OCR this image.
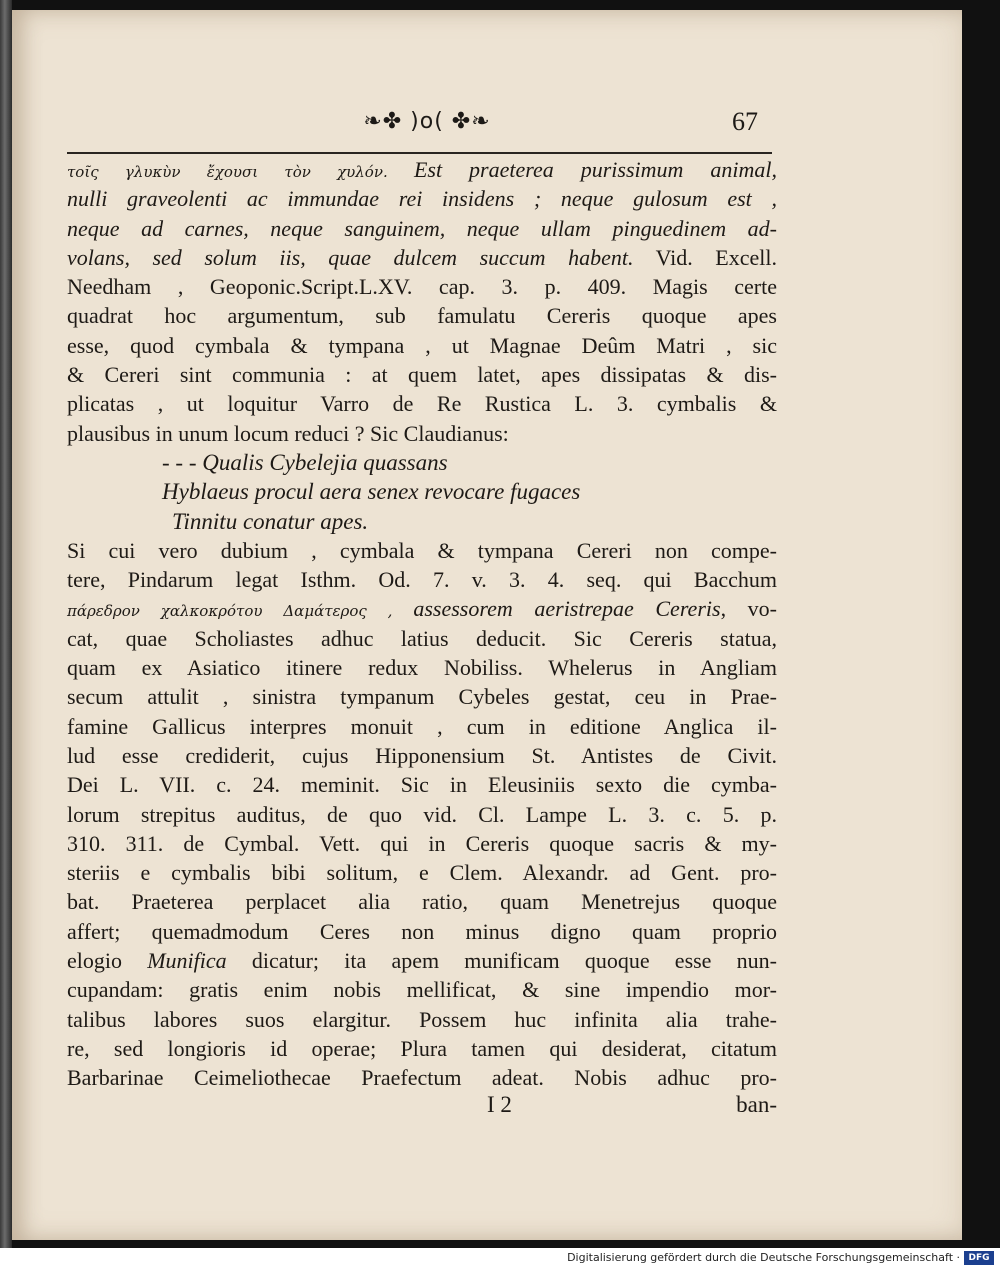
❧✤ )o( ✤❧	67
τοῖς γλυκὺν ἔχουσι τὸν χυλόν. Est praeterea purissimum animal,
nulli graveolenti ac immundae rei insidens ; neque gulosum est ,
neque ad carnes, neque sanguinem, neque ullam pinguedinem ad-
volans, sed solum iis, quae dulcem succum habent. Vid. Excell.
Needham , Geoponic.Script.L.XV. cap. 3. p. 409. Magis certe
quadrat hoc argumentum, sub famulatu Cereris quoque apes
esse, quod cymbala & tympana , ut Magnae Deûm Matri , sic
& Cereri sint communia : at quem latet, apes dissipatas & dis-
plicatas , ut loquitur Varro de Re Rustica L. 3. cymbalis &
plausibus in unum locum reduci ? Sic Claudianus:
- - - Qualis Cybelejia quassans
Hyblaeus procul aera senex revocare fugaces
Tinnitu conatur apes.
Si cui vero dubium , cymbala & tympana Cereri non compe-
tere, Pindarum legat Isthm. Od. 7. v. 3. 4. seq. qui Bacchum
πάρεδρον χαλκοκρότου Δαμάτερος , assessorem aeristrepae Cereris, vo-
cat, quae Scholiastes adhuc latius deducit. Sic Cereris statua,
quam ex Asiatico itinere redux Nobiliss. Whelerus in Angliam
secum attulit , sinistra tympanum Cybeles gestat, ceu in Prae-
famine Gallicus interpres monuit , cum in editione Anglica il-
lud esse crediderit, cujus Hipponensium St. Antistes de Civit.
Dei L. VII. c. 24. meminit. Sic in Eleusiniis sexto die cymba-
lorum strepitus auditus, de quo vid. Cl. Lampe L. 3. c. 5. p.
310. 311. de Cymbal. Vett. qui in Cereris quoque sacris & my-
steriis e cymbalis bibi solitum, e Clem. Alexandr. ad Gent. pro-
bat. Praeterea perplacet alia ratio, quam Menetrejus quoque
affert; quemadmodum Ceres non minus digno quam proprio
elogio Munifica dicatur; ita apem munificam quoque esse nun-
cupandam: gratis enim nobis mellificat, & sine impendio mor-
talibus labores suos elargitur. Possem huc infinita alia trahe-
re, sed longioris id operae; Plura tamen qui desiderat, citatum
Barbarinae Ceimeliothecae Praefectum adeat. Nobis adhuc pro-
I 2	ban-
Digitalisierung gefördert durch die Deutsche Forschungsgemeinschaft · DFG
